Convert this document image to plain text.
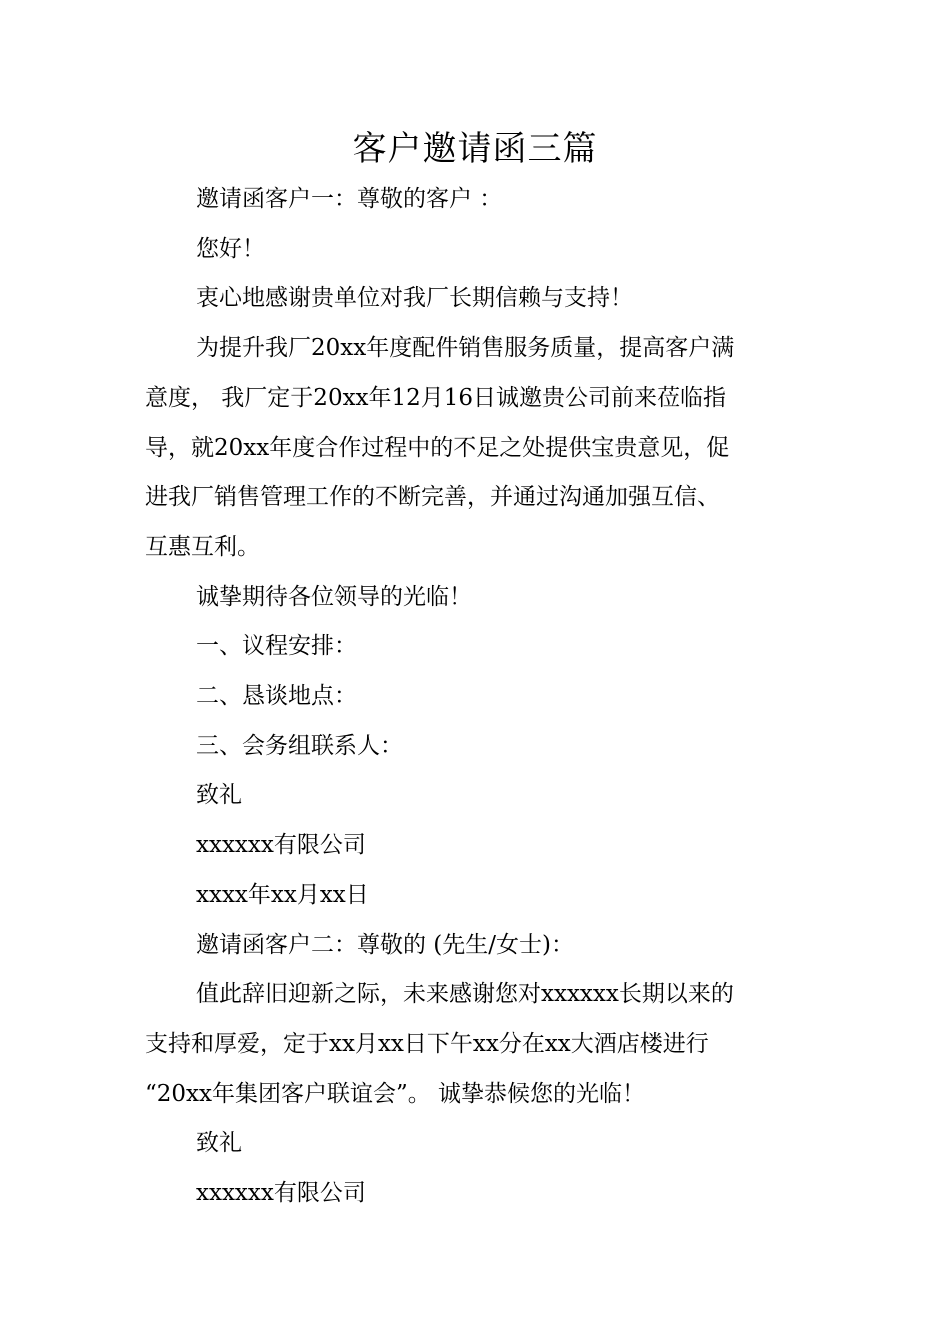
客户邀请函三篇

邀请函客户一：尊敬的客户 ：

您好！

衷心地感谢贵单位对我厂长期信赖与支持！

为提升我厂20xx年度配件销售服务质量，提高客户满

意度， 我厂定于20xx年12月16日诚邀贵公司前来莅临指

导，就20xx年度合作过程中的不足之处提供宝贵意见，促

进我厂销售管理工作的不断完善，并通过沟通加强互信、

互惠互利。

诚挚期待各位领导的光临！

一、议程安排：

二、恳谈地点：

三、会务组联系人：

致礼

xxxxxx有限公司

xxxx年xx月xx日

邀请函客户二：尊敬的 (先生/女士)：

值此辞旧迎新之际，未来感谢您对xxxxxx长期以来的

支持和厚爱，定于xx月xx日下午xx分在xx大酒店楼进行

“20xx年集团客户联谊会”。 诚挚恭候您的光临！

致礼

xxxxxx有限公司
